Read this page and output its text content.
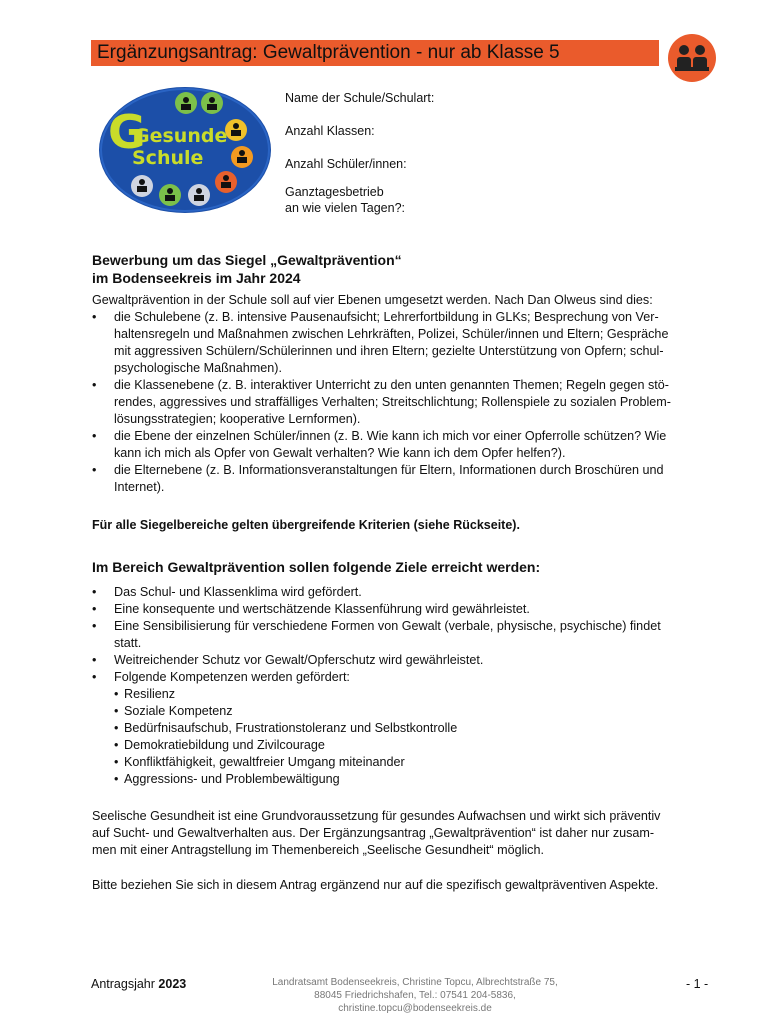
Ergänzungsantrag: Gewaltprävention - nur ab Klasse 5
G
Gesunde
Schule
Name der Schule/Schulart:
Anzahl Klassen:
Anzahl Schüler/innen:
Ganztagesbetrieb
an wie vielen Tagen?:
Bewerbung um das Siegel „Gewaltprävention“
im Bodenseekreis im Jahr 2024
Gewaltprävention in der Schule soll auf vier Ebenen umgesetzt werden. Nach Dan Olweus sind dies:
• die Schulebene (z. B. intensive Pausenaufsicht; Lehrerfortbildung in GLKs; Besprechung von Ver-
haltensregeln und Maßnahmen zwischen Lehrkräften, Polizei, Schüler/innen und Eltern; Gespräche
mit aggressiven Schülern/Schülerinnen und ihren Eltern; gezielte Unterstützung von Opfern; schul-
psychologische Maßnahmen).
• die Klassenebene (z. B. interaktiver Unterricht zu den unten genannten Themen; Regeln gegen stö-
rendes, aggressives und straffälliges Verhalten; Streitschlichtung; Rollenspiele zu sozialen Problem-
lösungsstrategien; kooperative Lernformen).
• die Ebene der einzelnen Schüler/innen (z. B. Wie kann ich mich vor einer Opferrolle schützen? Wie
kann ich mich als Opfer von Gewalt verhalten? Wie kann ich dem Opfer helfen?).
• die Elternebene (z. B. Informationsveranstaltungen für Eltern, Informationen durch Broschüren und
Internet).
Für alle Siegelbereiche gelten übergreifende Kriterien (siehe Rückseite).
Im Bereich Gewaltprävention sollen folgende Ziele erreicht werden:
• Das Schul- und Klassenklima wird gefördert.
• Eine konsequente und wertschätzende Klassenführung wird gewährleistet.
• Eine Sensibilisierung für verschiedene Formen von Gewalt (verbale, physische, psychische) findet
statt.
• Weitreichender Schutz vor Gewalt/Opferschutz wird gewährleistet.
• Folgende Kompetenzen werden gefördert:
• Resilienz
• Soziale Kompetenz
• Bedürfnisaufschub, Frustrationstoleranz und Selbstkontrolle
• Demokratiebildung und Zivilcourage
• Konfliktfähigkeit, gewaltfreier Umgang miteinander
• Aggressions- und Problembewältigung
Seelische Gesundheit ist eine Grundvoraussetzung für gesundes Aufwachsen und wirkt sich präventiv
auf Sucht- und Gewaltverhalten aus. Der Ergänzungsantrag „Gewaltprävention“ ist daher nur zusam-
men mit einer Antragstellung im Themenbereich „Seelische Gesundheit“ möglich.
Bitte beziehen Sie sich in diesem Antrag ergänzend nur auf die spezifisch gewaltpräventiven Aspekte.
Antragsjahr 2023	Landratsamt Bodenseekreis, Christine Topcu, Albrechtstraße 75,
88045 Friedrichshafen, Tel.: 07541 204-5836, christine.topcu@bodenseekreis.de
- 1 -
